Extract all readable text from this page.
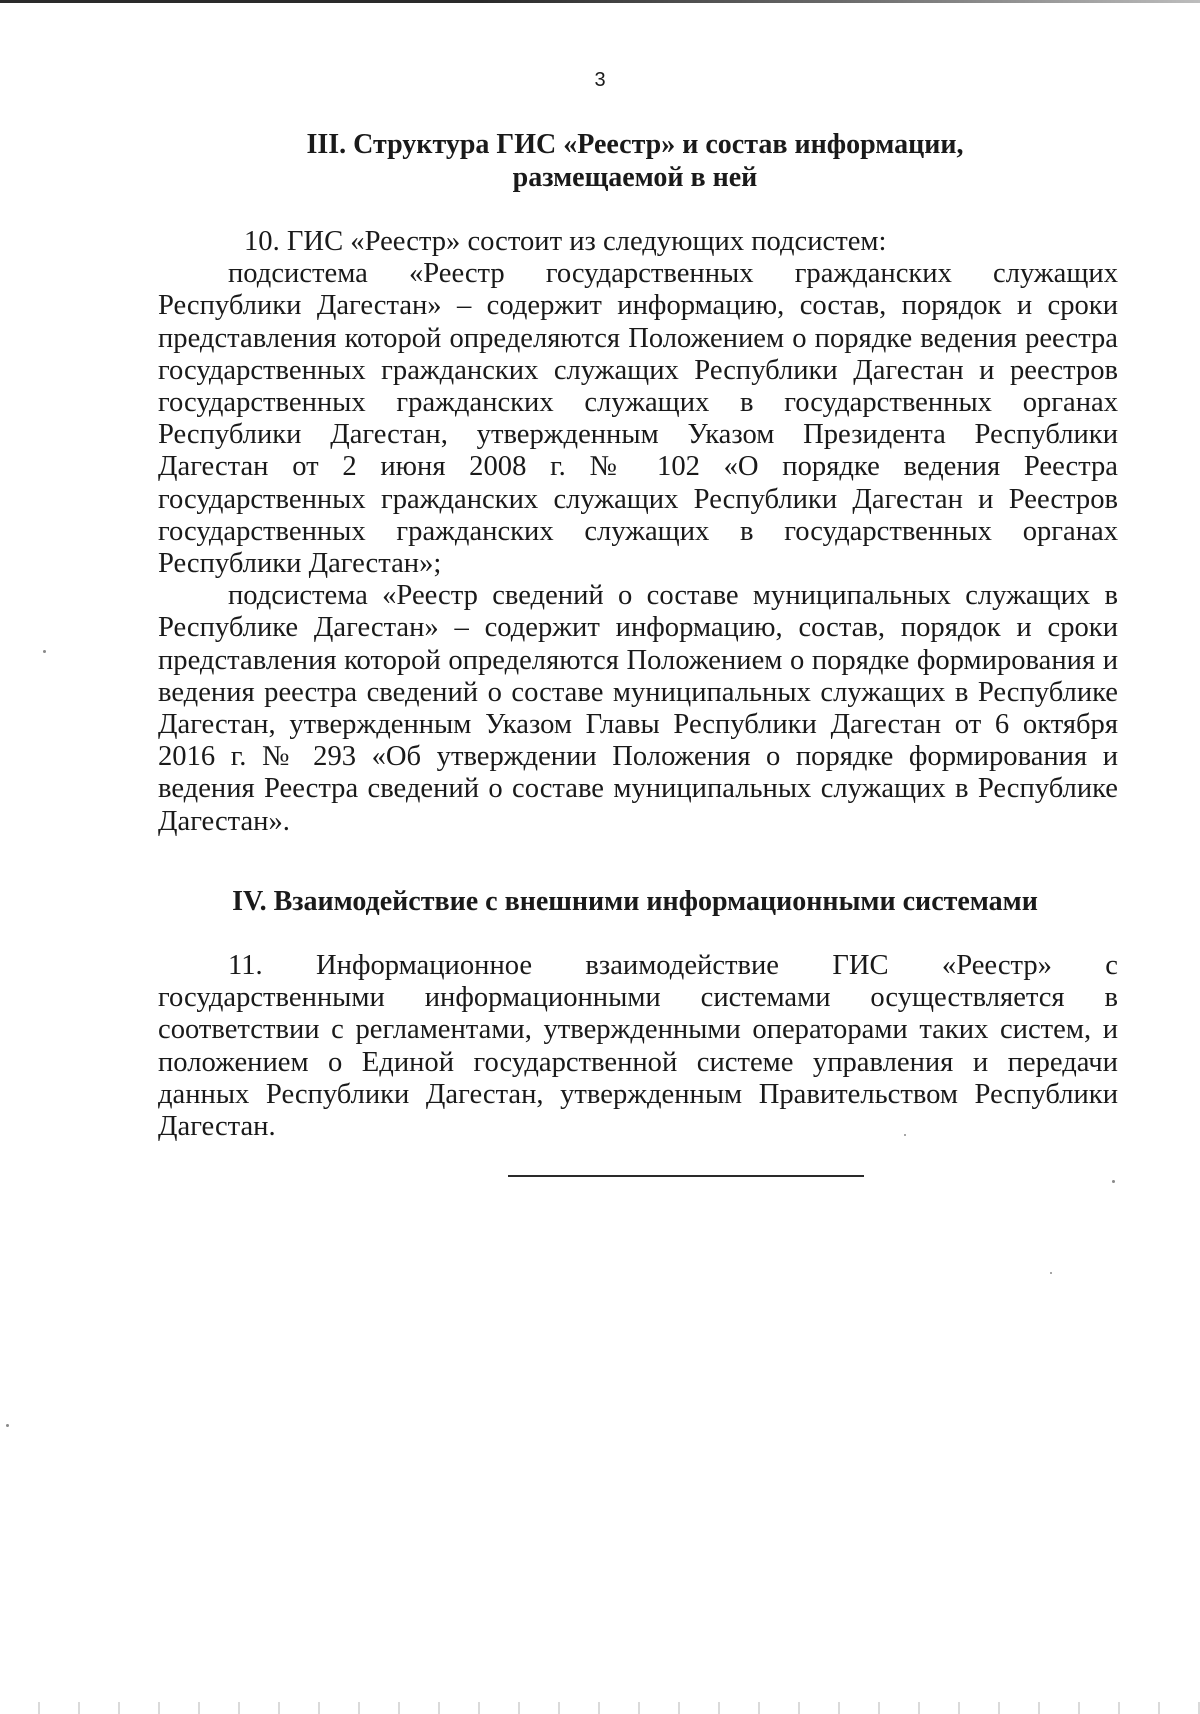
3
III. Структура ГИС «Реестр» и состав информации,
размещаемой в ней

10. ГИС «Реестр» состоит из следующих подсистем:

подсистема «Реестр государственных гражданских служащих Республики Дагестан» – содержит информацию, состав, порядок и сроки представления которой определяются Положением о порядке ведения реестра государственных гражданских служащих Республики Дагестан и реестров государственных гражданских служащих в государственных органах Республики Дагестан, утвержденным Указом Президента Республики Дагестан от 2 июня 2008 г. № 102 «О порядке ведения Реестра государственных гражданских служащих Республики Дагестан и Реестров государственных гражданских служащих в государственных органах Республики Дагестан»;

подсистема «Реестр сведений о составе муниципальных служащих в Республике Дагестан» – содержит информацию, состав, порядок и сроки представления которой определяются Положением о порядке формирования и ведения реестра сведений о составе муниципальных служащих в Республике Дагестан, утвержденным Указом Главы Республики Дагестан от 6 октября 2016 г. № 293 «Об утверждении Положения о порядке формирования и ведения Реестра сведений о составе муниципальных служащих в Республике Дагестан».

IV. Взаимодействие с внешними информационными системами

11. Информационное взаимодействие ГИС «Реестр» с государственными информационными системами осуществляется в соответствии с регламентами, утвержденными операторами таких систем, и положением о Единой государственной системе управления и передачи данных Республики Дагестан, утвержденным Правительством Республики Дагестан.
